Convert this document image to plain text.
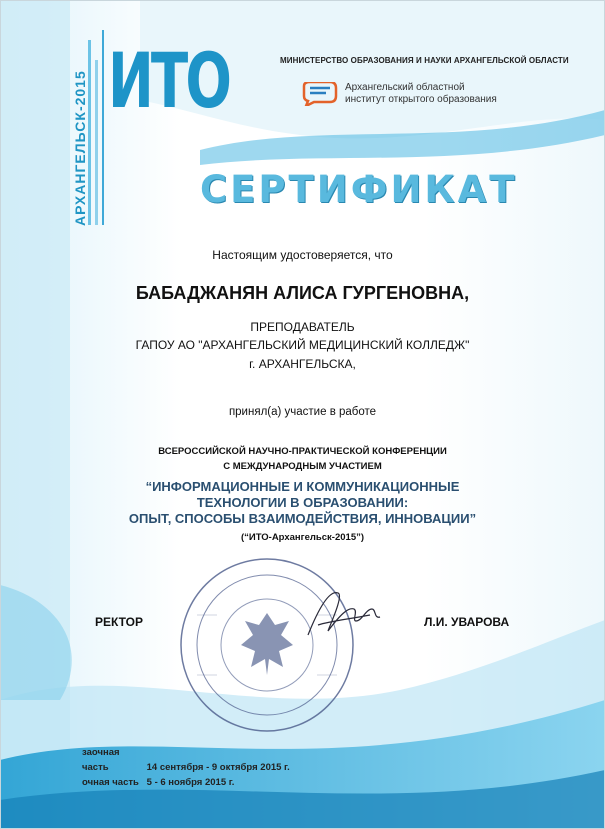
МИНИСТЕРСТВО ОБРАЗОВАНИЯ И НАУКИ АРХАНГЕЛЬСКОЙ ОБЛАСТИ
Архангельский областной
институт открытого образования
ИТО
АРХАНГЕЛЬСК-2015	СЕРТИФИКАТ
Настоящим удостоверяется, что
БАБАДЖАНЯН АЛИСА ГУРГЕНОВНА,
ПРЕПОДАВАТЕЛЬ
ГАПОУ АО "АРХАНГЕЛЬСКИЙ МЕДИЦИНСКИЙ КОЛЛЕДЖ"
г. АРХАНГЕЛЬСКА,
принял(а) участие в работе
ВСЕРОССИЙСКОЙ НАУЧНО-ПРАКТИЧЕСКОЙ КОНФЕРЕНЦИИ
С МЕЖДУНАРОДНЫМ УЧАСТИЕМ
“ИНФОРМАЦИОННЫЕ И КОММУНИКАЦИОННЫЕ
ТЕХНОЛОГИИ В ОБРАЗОВАНИИ:
ОПЫТ, СПОСОБЫ ВЗАИМОДЕЙСТВИЯ, ИННОВАЦИИ”
(“ИТО-Архангельск-2015”)
РЕКТОР	Л.И. УВАРОВА
заочная часть	14 сентября - 9 октября 2015 г.
очная часть 5 - 6 ноября 2015 г.
